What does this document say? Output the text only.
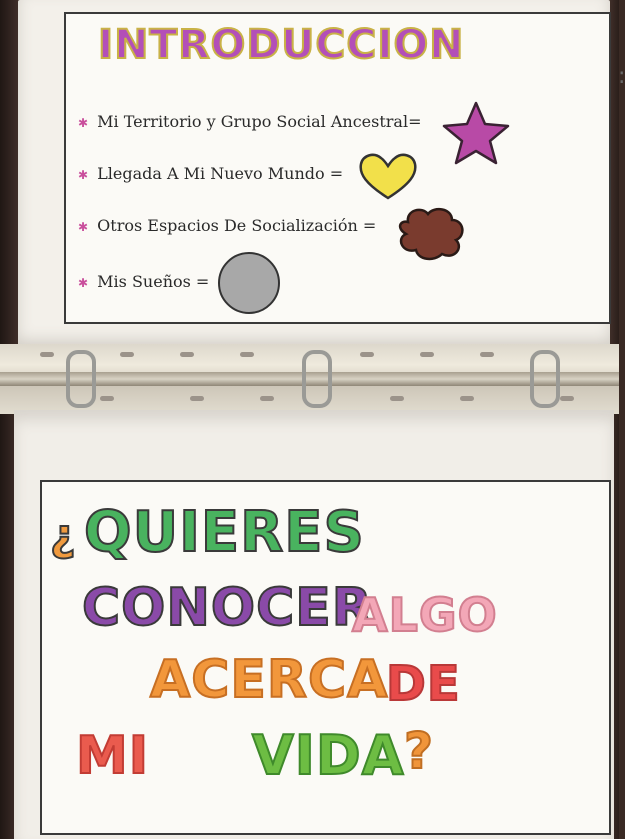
INTRODUCCION
:
✱ Mi Territorio y Grupo Social Ancestral=
✱ Llegada A Mi Nuevo Mundo =
✱ Otros Espacios De Socialización =
✱ Mis Sueños =
¿ QUIERES
CONOCER
ALGO
ACERCA
DE
MI VIDA ?
